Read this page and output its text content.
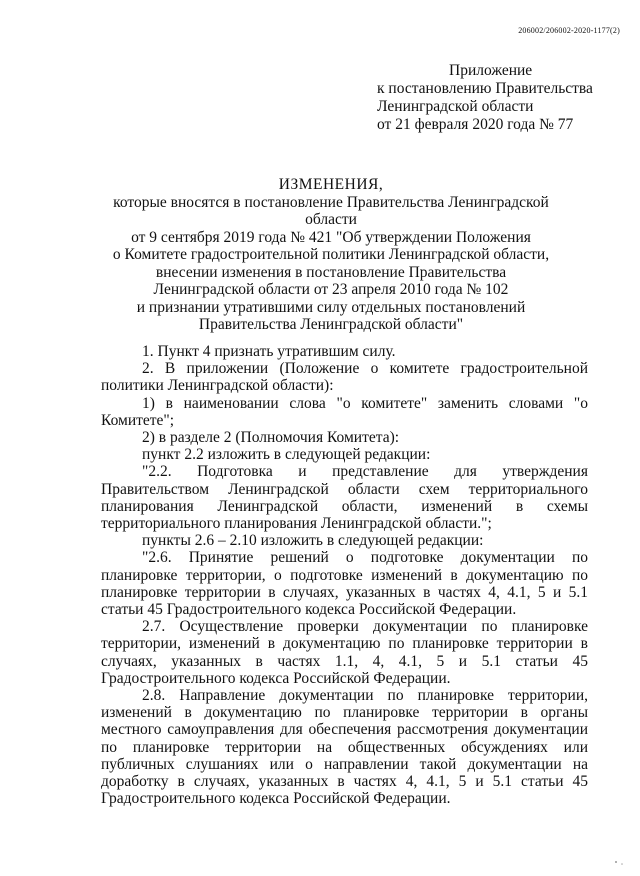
206002/206002-2020-1177(2)
Приложение
к постановлению Правительства
Ленинградской области
от 21 февраля 2020 года № 77
ИЗМЕНЕНИЯ,
которые вносятся в постановление Правительства Ленинградской области
от 9 сентября 2019 года № 421 "Об утверждении Положения
о Комитете градостроительной политики Ленинградской области,
внесении изменения в постановление Правительства
Ленинградской области от 23 апреля 2010 года № 102
и признании утратившими силу отдельных постановлений
Правительства Ленинградской области"

1. Пункт 4 признать утратившим силу.

2. В приложении (Положение о комитете градостроительной политики Ленинградской области):

1) в наименовании слова "о комитете" заменить словами "о Комитете";

2) в разделе 2 (Полномочия Комитета):

пункт 2.2 изложить в следующей редакции:

"2.2. Подготовка и представление для утверждения Правительством Ленинградской области схем территориального планирования Ленинградской области, изменений в схемы территориального планирования Ленинградской области.";

пункты 2.6 – 2.10 изложить в следующей редакции:

"2.6. Принятие решений о подготовке документации по планировке территории, о подготовке изменений в документацию по планировке территории в случаях, указанных в частях 4, 4.1, 5 и 5.1 статьи 45 Градостроительного кодекса Российской Федерации.

2.7. Осуществление проверки документации по планировке территории, изменений в документацию по планировке территории в случаях, указанных в частях 1.1, 4, 4.1, 5 и 5.1 статьи 45 Градостроительного кодекса Российской Федерации.

2.8. Направление документации по планировке территории, изменений в документацию по планировке территории в органы местного самоуправления для обеспечения рассмотрения документации по планировке территории на общественных обсуждениях или публичных слушаниях или о направлении такой документации на доработку в случаях, указанных в частях 4, 4.1, 5 и 5.1 статьи 45 Градостроительного кодекса Российской Федерации.
